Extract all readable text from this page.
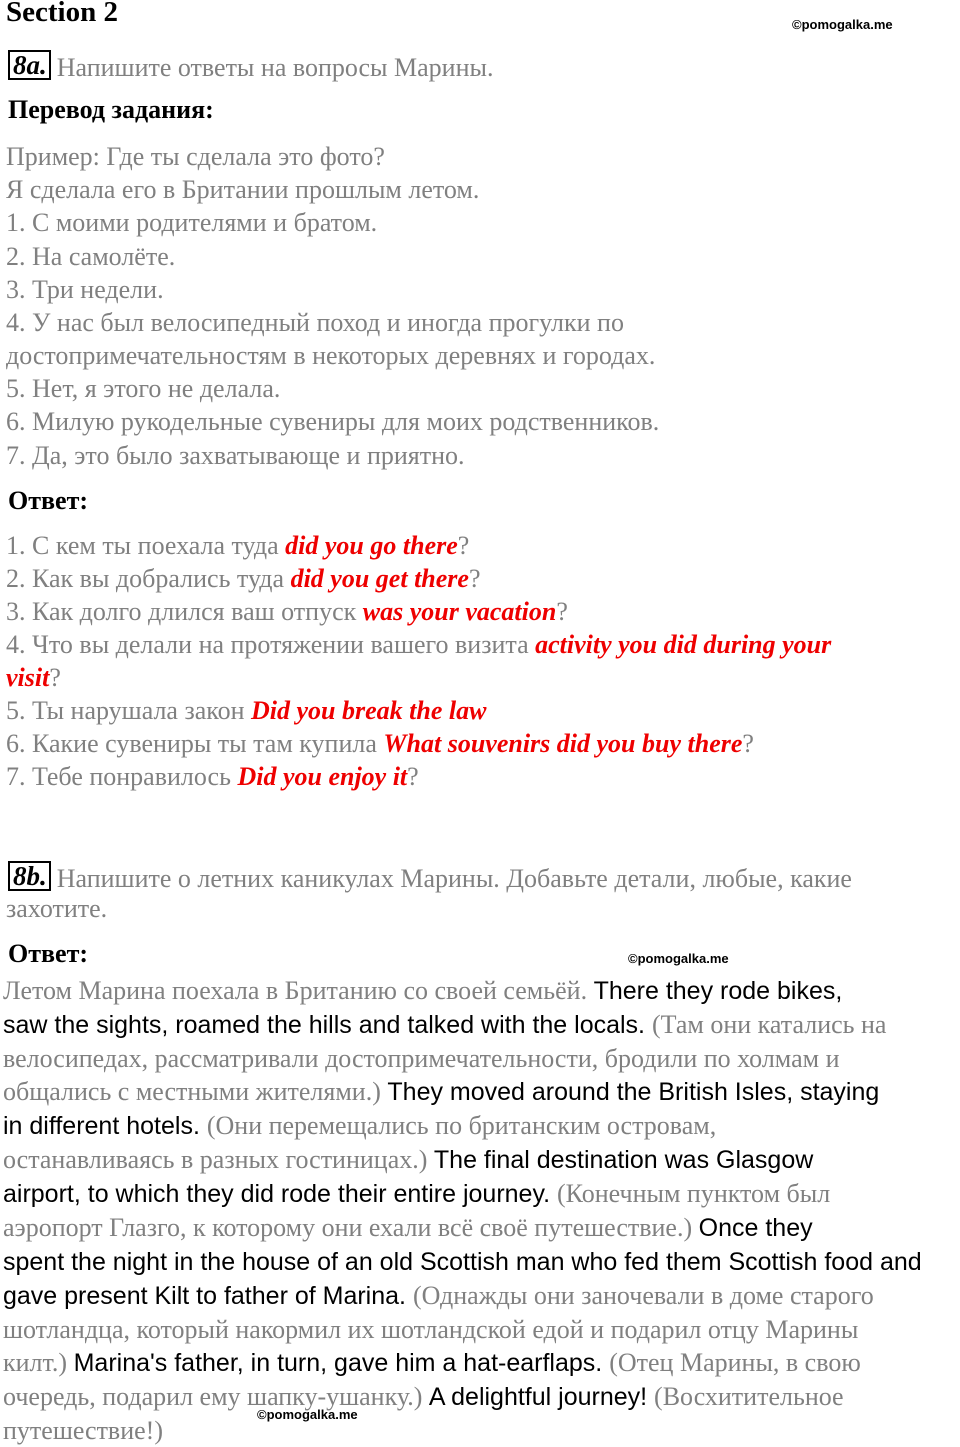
Section 2	©pomogalka.me
8a. Напишите ответы на вопросы Марины.
Перевод задания:
Пример: Где ты сделала это фото?
Я сделала его в Британии прошлым летом.
1. С моими родителями и братом.
2. На самолёте.
3. Три недели.
4. У нас был велосипедный поход и иногда прогулки по
достопримечательностям в некоторых деревнях и городах.
5. Нет, я этого не делала.
6. Милую рукодельные сувениры для моих родственников.
7. Да, это было захватывающе и приятно.
Ответ:
1. С кем ты поехала туда did you go there?
2. Как вы добрались туда did you get there?
3. Как долго длился ваш отпуск was your vacation?
4. Что вы делали на протяжении вашего визита activity you did during your
visit?
5. Ты нарушала закон Did you break the law
6. Какие сувениры ты там купила What souvenirs did you buy there?
7. Тебе понравилось Did you enjoy it?
8b. Напишите о летних каникулах Марины. Добавьте детали, любые, какие
захотите.
Ответ:	©pomogalka.me
Летом Марина поехала в Британию со своей семьёй. There they rode bikes,
saw the sights, roamed the hills and talked with the locals. (Там они катались на
велосипедах, рассматривали достопримечательности, бродили по холмам и
общались с местными жителями.) They moved around the British Isles, staying
in different hotels. (Они перемещались по британским островам,
останавливаясь в разных гостиницах.) The final destination was Glasgow
airport, to which they did rode their entire journey. (Конечным пунктом был
аэропорт Глазго, к которому они ехали всё своё путешествие.) Once they
spent the night in the house of an old Scottish man who fed them Scottish food and
gave present Kilt to father of Marina. (Однажды они заночевали в доме старого
шотландца, который накормил их шотландской едой и подарил отцу Марины
килт.) Marina's father, in turn, gave him a hat-earflaps. (Отец Марины, в свою
очередь, подарил ему шапку-ушанку.) A delightful journey! (Восхитительное
путешествие!)
©pomogalka.me
